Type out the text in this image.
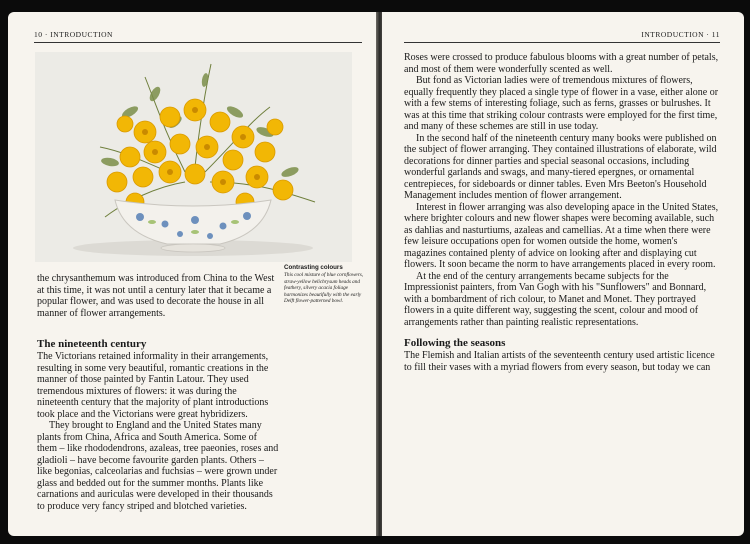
10 · INTRODUCTION
Contrasting colours
This cool mixture of blue cornflowers, straw-yellow helichrysum heads and feathery, silvery acacia foliage harmonizes beautifully with the early Delft flower-patterned bowl.

the chrysanthemum was introduced from China to the West at this time, it was not until a century later that it became a popular flower, and was used to decorate the house in all manner of flower arrangements.

The nineteenth century

The Victorians retained informality in their arrangements, resulting in some very beautiful, romantic creations in the manner of those painted by Fantin Latour. They used tremendous mixtures of flowers: it was during the nineteenth century that the majority of plant introductions took place and the Victorians were great hybridizers.

They brought to England and the United States many plants from China, Africa and South America. Some of them – like rhododendrons, azaleas, tree paeonies, roses and gladioli – have become favourite garden plants. Others – like begonias, calceolarias and fuchsias – were grown under glass and bedded out for the summer months. Plants like carnations and auriculas were developed in their thousands to produce very fancy striped and blotched varieties.

INTRODUCTION · 11

Roses were crossed to produce fabulous blooms with a great number of petals, and most of them were wonderfully scented as well.

But fond as Victorian ladies were of tremendous mixtures of flowers, equally frequently they placed a single type of flower in a vase, either alone or with a few stems of interesting foliage, such as ferns, grasses or bulrushes. It was at this time that striking colour contrasts were employed for the first time, and many of these schemes are still in use today.

In the second half of the nineteenth century many books were published on the subject of flower arranging. They contained illustrations of elaborate, wild decorations for dinner parties and special seasonal occasions, including wonderful garlands and swags, and many-tiered epergnes, or ornamental centrepieces, for sideboards or dinner tables. Even Mrs Beeton's Household Management includes mention of flower arrangement.

Interest in flower arranging was also developing apace in the United States, where brighter colours and new flower shapes were becoming available, such as dahlias and nasturtiums, azaleas and camellias. At a time when there were few leisure occupations open for women outside the home, women's magazines contained plenty of advice on looking after and displaying cut flowers. It soon became the norm to have arrangements placed in every room.

At the end of the century arrangements became subjects for the Impressionist painters, from Van Gogh with his "Sunflowers" and Bonnard, with a bombardment of rich colour, to Manet and Monet. They portrayed flowers in a quite different way, suggesting the scent, colour and mood of arrangements rather than painting realistic representations.

Following the seasons

The Flemish and Italian artists of the seventeenth century used artistic licence to fill their vases with a myriad flowers from every season, but today we can
